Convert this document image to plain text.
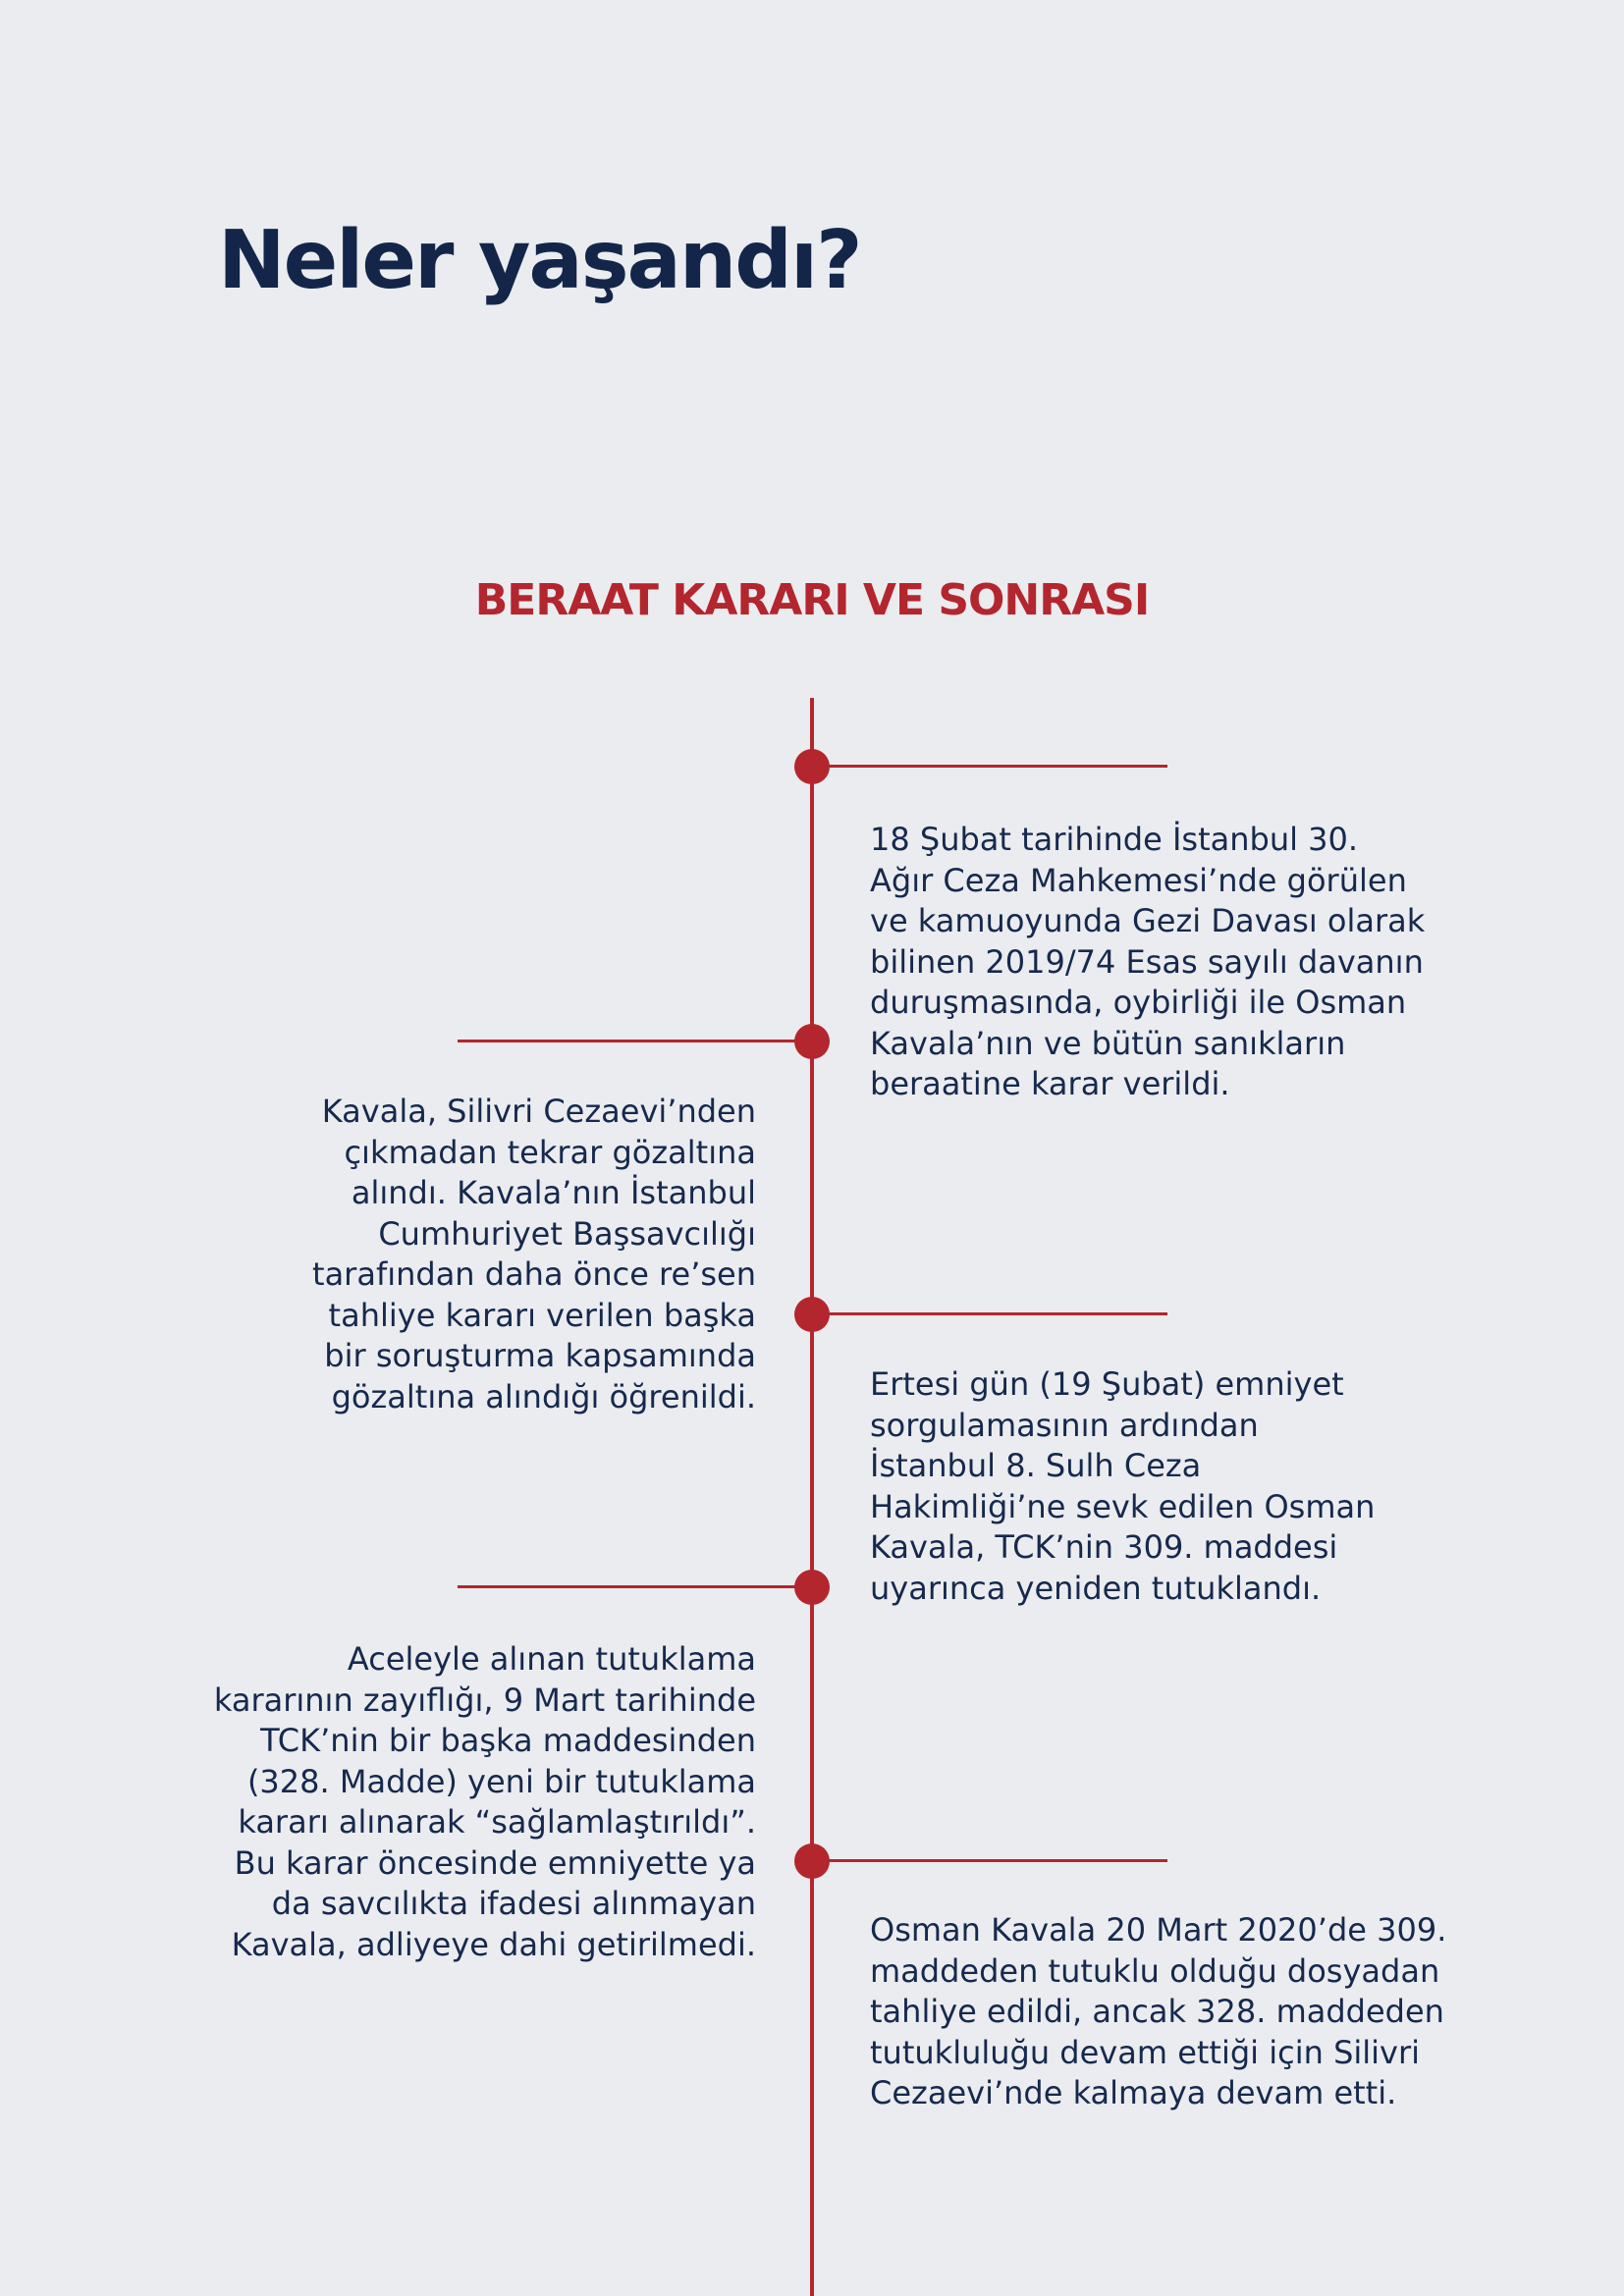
Neler yaşandı?
BERAAT KARARI VE SONRASI

18 Şubat tarihinde İstanbul 30.
Ağır Ceza Mahkemesi’nde görülen
ve kamuoyunda Gezi Davası olarak
bilinen 2019/74 Esas sayılı davanın
duruşmasında, oybirliği ile Osman
Kavala’nın ve bütün sanıkların
beraatine karar verildi.

Kavala, Silivri Cezaevi’nden
çıkmadan tekrar gözaltına
alındı. Kavala’nın İstanbul
Cumhuriyet Başsavcılığı
tarafından daha önce re’sen
tahliye kararı verilen başka
bir soruşturma kapsamında
gözaltına alındığı öğrenildi.	Ertesi gün (19 Şubat) emniyet
sorgulamasının ardından
İstanbul 8. Sulh Ceza
Hakimliği’ne sevk edilen Osman
Kavala, TCK’nin 309. maddesi
uyarınca yeniden tutuklandı.

Aceleyle alınan tutuklama
kararının zayıflığı, 9 Mart tarihinde
TCK’nin bir başka maddesinden
(328. Madde) yeni bir tutuklama
kararı alınarak “sağlamlaştırıldı”.
Bu karar öncesinde emniyette ya
da savcılıkta ifadesi alınmayan
Kavala, adliyeye dahi getirilmedi.	Osman Kavala 20 Mart 2020’de 309.
maddeden tutuklu olduğu dosyadan
tahliye edildi, ancak 328. maddeden
tutukluluğu devam ettiği için Silivri
Cezaevi’nde kalmaya devam etti.
